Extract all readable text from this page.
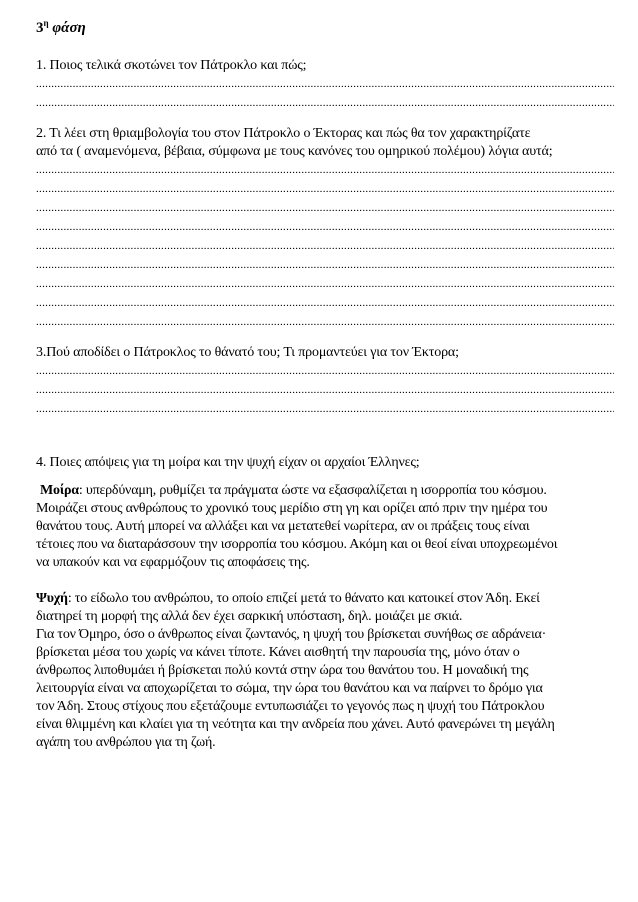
$3^\eta$ φάση

1. Ποιος τελικά σκοτώνει τον Πάτροκλο και πώς;

.....
.....

2. Τι λέει στη θριαμβολογία του στον Πάτροκλο ο Έκτορας και πώς θα τον χαρακτηρίζατε

από τα ( αναμενόμενα, βέβαια, σύμφωνα με τους κανόνες του ομηρικού πολέμου) λόγια αυτά;

.....
.....
.....
.....
.....
.....
.....
.....
.....

3.Πού αποδίδει ο Πάτροκλος το θάνατό του; Τι προμαντεύει για τον Έκτορα;

.....
.....
.....

4. Ποιες απόψεις για τη μοίρα και την ψυχή είχαν οι αρχαίοι Έλληνες;

Μοίρα: υπερδύναμη, ρυθμίζει τα πράγματα ώστε να εξασφαλίζεται η ισορροπία του κόσμου.

Μοιράζει στους ανθρώπους το χρονικό τους μερίδιο στη γη και ορίζει από πριν την ημέρα του

θανάτου τους. Αυτή μπορεί να αλλάξει και να μετατεθεί νωρίτερα, αν οι πράξεις τους είναι

τέτοιες που να διαταράσσουν την ισορροπία του κόσμου. Ακόμη και οι θεοί είναι υποχρεωμένοι

να υπακούν και να εφαρμόζουν τις αποφάσεις της.

Ψυχή: το είδωλο του ανθρώπου, το οποίο επιζεί μετά το θάνατο και κατοικεί στον Άδη. Εκεί

διατηρεί τη μορφή της αλλά δεν έχει σαρκική υπόσταση, δηλ. μοιάζει με σκιά.

Για τον Όμηρο, όσο ο άνθρωπος είναι ζωντανός, η ψυχή του βρίσκεται συνήθως σε αδράνεια·

βρίσκεται μέσα του χωρίς να κάνει τίποτε. Κάνει αισθητή την παρουσία της, μόνο όταν ο

άνθρωπος λιποθυμάει ή βρίσκεται πολύ κοντά στην ώρα του θανάτου του. Η μοναδική της

λειτουργία είναι να αποχωρίζεται το σώμα, την ώρα του θανάτου και να παίρνει το δρόμο για

τον Άδη. Στους στίχους που εξετάζουμε εντυπωσιάζει το γεγονός πως η ψυχή του Πάτροκλου

είναι θλιμμένη και κλαίει για τη νεότητα και την ανδρεία που χάνει. Αυτό φανερώνει τη μεγάλη

αγάπη του ανθρώπου για τη ζωή.
